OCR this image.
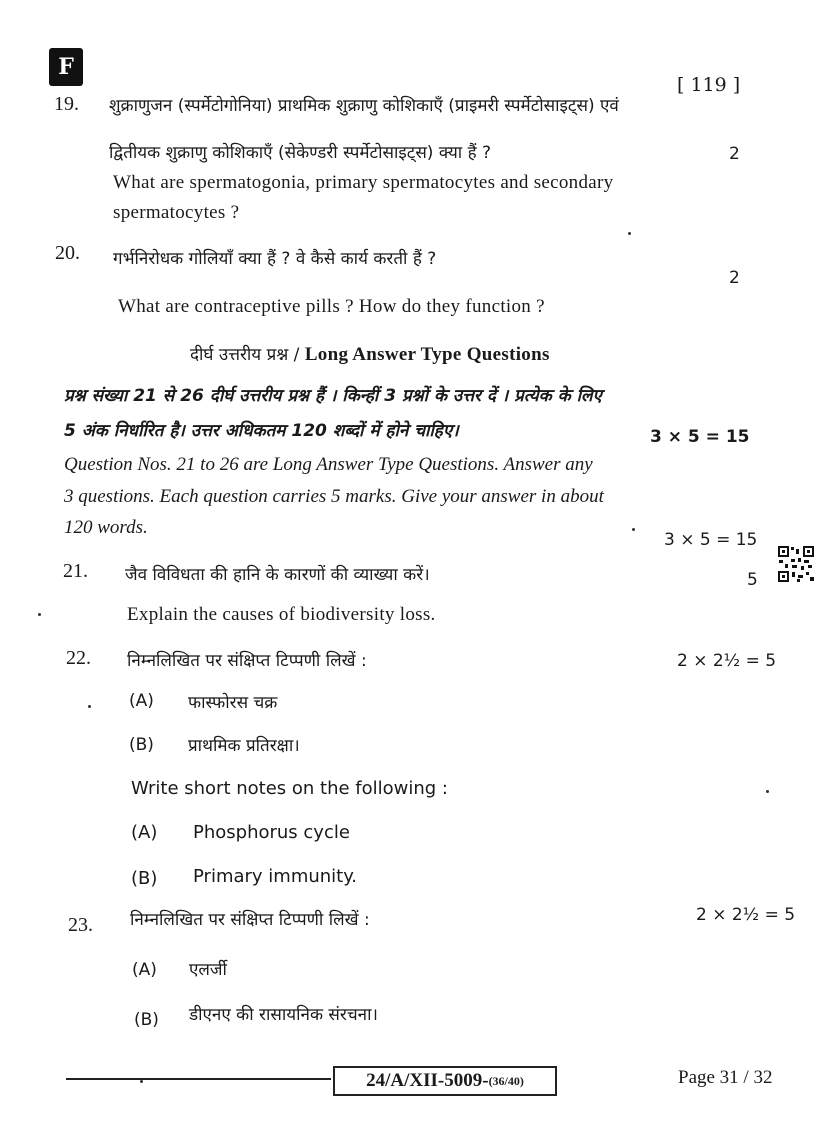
F
[ 119 ]
19. शुक्राणुजन (स्पर्मेटोगोनिया) प्राथमिक शुक्राणु कोशिकाएँ (प्राइमरी स्पर्मेटोसाइट्स) एवं
द्वितीयक शुक्राणु कोशिकाएँ (सेकेण्डरी स्पर्मेटोसाइट्स) क्या हैं ?	2
What are spermatogonia, primary spermatocytes and secondary
spermatocytes ?
20. गर्भनिरोधक गोलियाँ क्या हैं ? वे कैसे कार्य करती हैं ?
2
What are contraceptive pills ? How do they function ?
दीर्घ उत्तरीय प्रश्न / Long Answer Type Questions
प्रश्न संख्या 21 से 26 दीर्घ उत्तरीय प्रश्न हैं । किन्हीं 3 प्रश्नों के उत्तर दें । प्रत्येक के लिए
5 अंक निर्धारित है। उत्तर अधिकतम 120 शब्दों में होने चाहिए।	3 × 5 = 15
Question Nos. 21 to 26 are Long Answer Type Questions. Answer any
3 questions. Each question carries 5 marks. Give your answer in about
120 words.
3 × 5 = 15
21. जैव विविधता की हानि के कारणों की व्याख्या करें।	5
Explain the causes of biodiversity loss.
22. निम्नलिखित पर संक्षिप्त टिप्पणी लिखें :	2 × 2½ = 5
(A) फास्फोरस चक्र
(B) प्राथमिक प्रतिरक्षा।
Write short notes on the following :
(A) Phosphorus cycle
(B) Primary immunity.
23. निम्नलिखित पर संक्षिप्त टिप्पणी लिखें :	2 × 2½ = 5
(A) एलर्जी
(B) डीएनए की रासायनिक संरचना।
24/A/XII-5009- (36/40)	Page 31 / 32
